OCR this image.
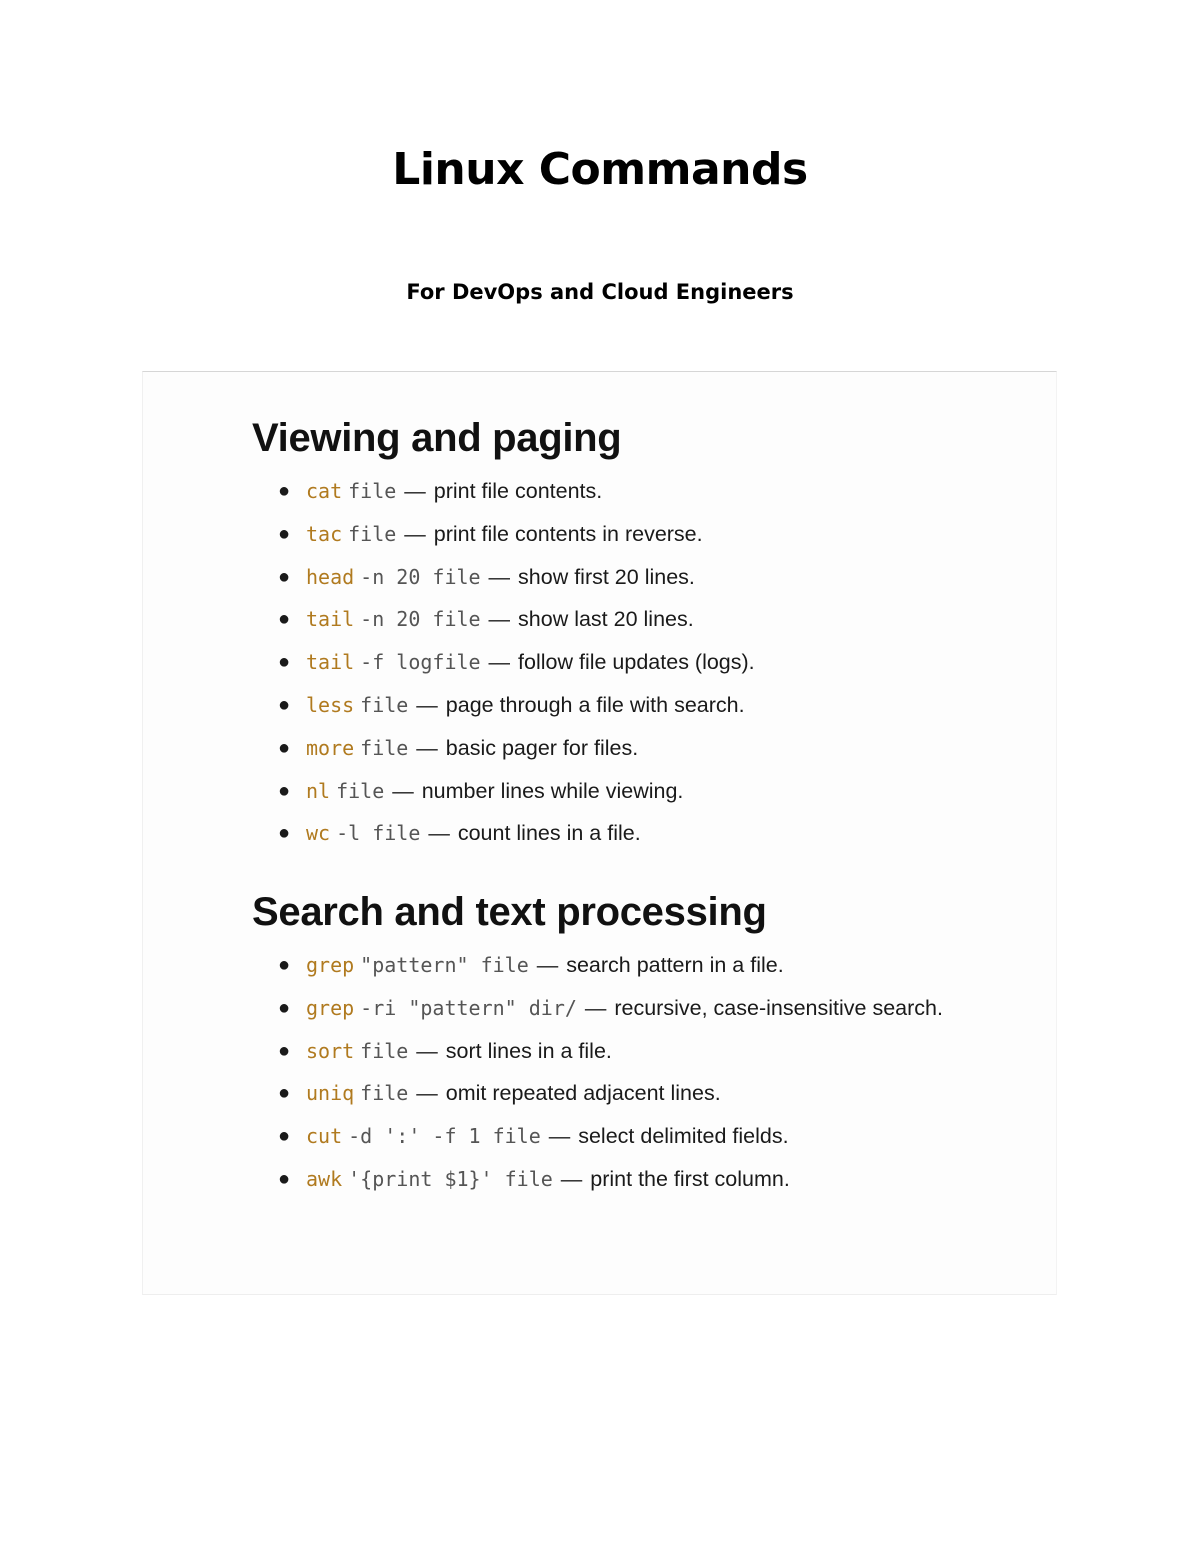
Linux Commands
For DevOps and Cloud Engineers
Viewing and paging
● cat file — print file contents.
● tac file — print file contents in reverse.
● head -n 20 file — show first 20 lines.
● tail -n 20 file — show last 20 lines.
● tail -f logfile — follow file updates (logs).
● less file — page through a file with search.
● more file — basic pager for files.
● nl file — number lines while viewing.
● wc -l file — count lines in a file.
Search and text processing
● grep "pattern" file — search pattern in a file.
● grep -ri "pattern" dir/ — recursive, case-insensitive search.
● sort file — sort lines in a file.
● uniq file — omit repeated adjacent lines.
● cut -d ':' -f 1 file — select delimited fields.
● awk '{print $1}' file — print the first column.
